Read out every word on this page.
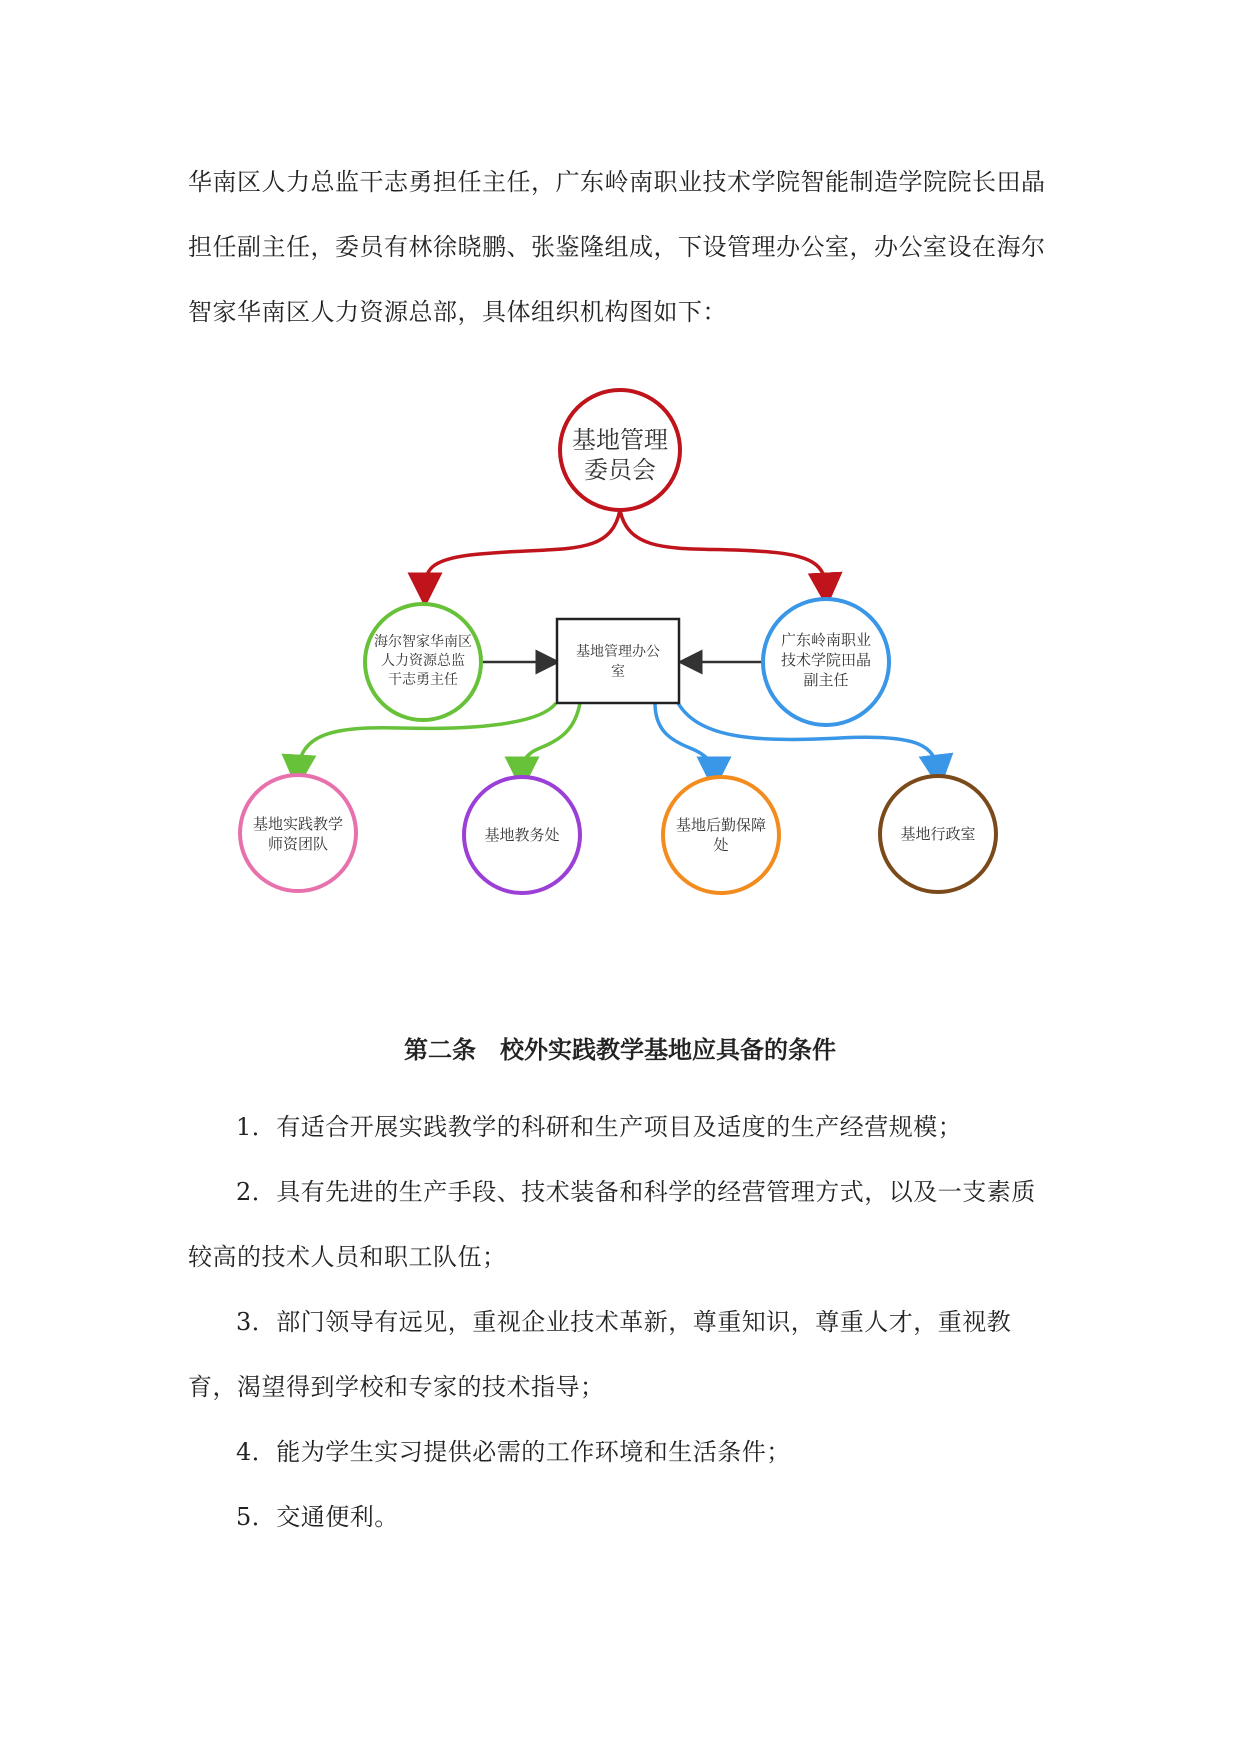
华南区人力总监干志勇担任主任，广东岭南职业技术学院智能制造学院院长田晶担任副主任，委员有林徐晓鹏、张鉴隆组成，下设管理办公室，办公室设在海尔智家华南区人力资源总部，具体组织机构图如下：

基地管理
委员会
海尔智家华南区
人力资源总监
干志勇主任
基地管理办公
室
广东岭南职业
技术学院田晶
副主任
基地实践教学
师资团队	基地教务处
基地后勤保障
处
基地行政室
第二条　校外实践教学基地应具备的条件

1．有适合开展实践教学的科研和生产项目及适度的生产经营规模；

2．具有先进的生产手段、技术装备和科学的经营管理方式，以及一支素质较高的技术人员和职工队伍；

3．部门领导有远见，重视企业技术革新，尊重知识，尊重人才，重视教育，渴望得到学校和专家的技术指导；

4．能为学生实习提供必需的工作环境和生活条件；

5．交通便利。
